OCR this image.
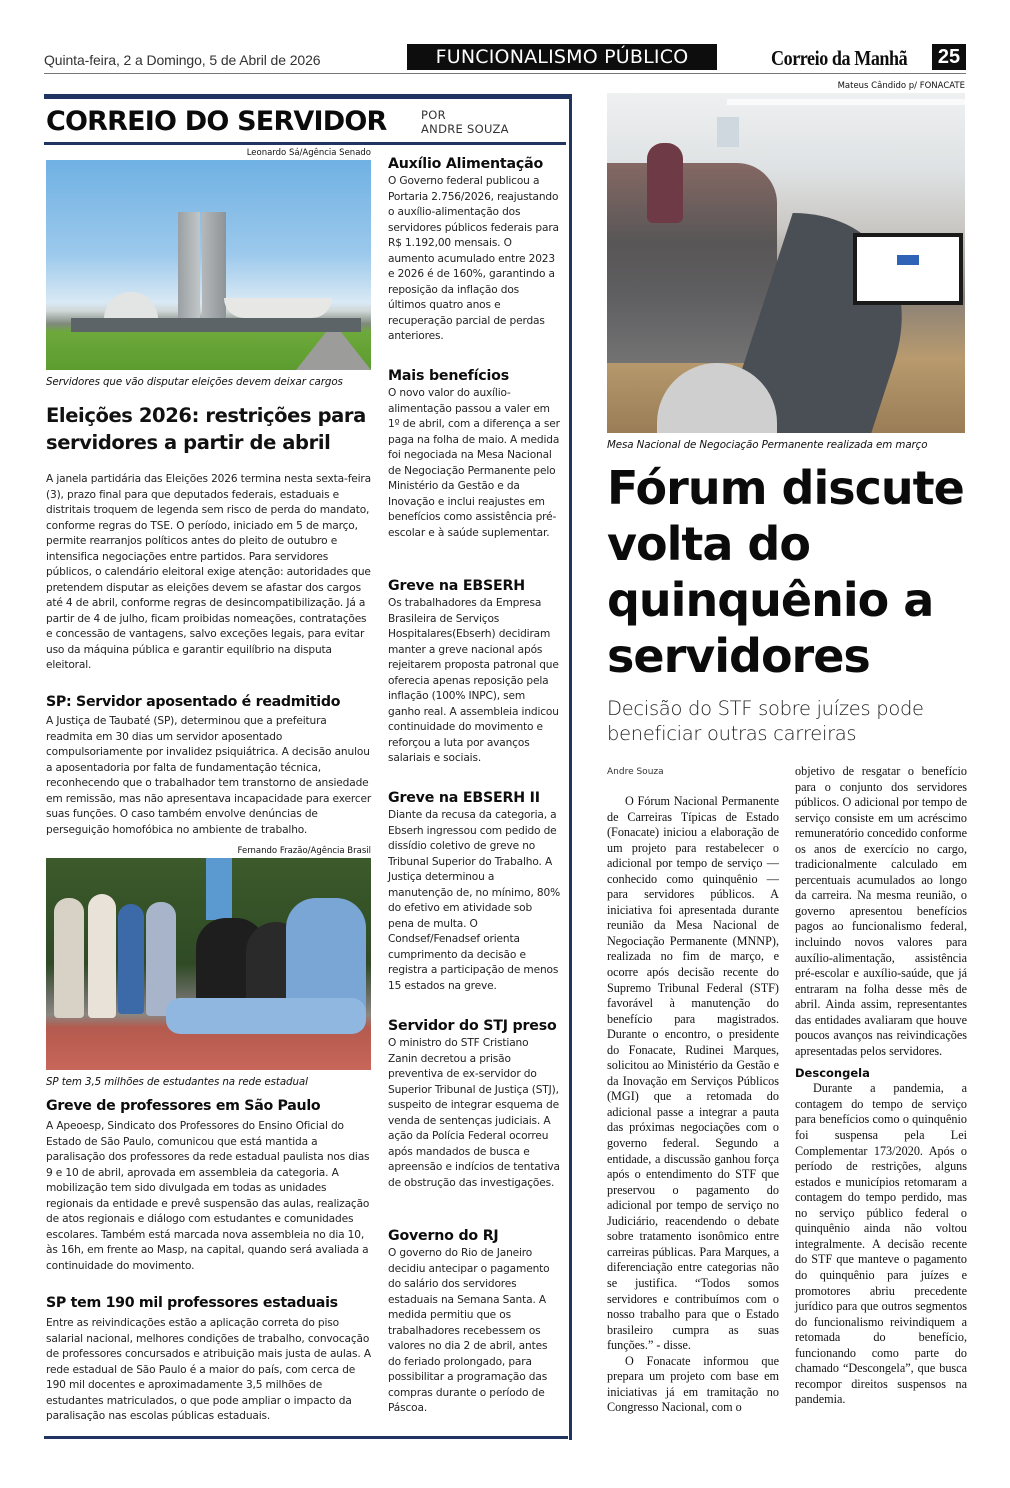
Quinta-feira, 2 a Domingo, 5 de Abril de 2026	FUNCIONALISMO PÚBLICO	Correio da Manhã 25
CORREIO DO SERVIDOR	POR
ANDRE SOUZA
Leonardo Sá/Agência Senado
Servidores que vão disputar eleições devem deixar cargos
Eleições 2026: restrições para servidores a partir de abril

A janela partidária das Eleições 2026 termina nesta sexta-feira (3), prazo final para que deputados federais, estaduais e distritais troquem de legenda sem risco de perda do mandato, conforme regras do TSE. O período, iniciado em 5 de março, permite rearranjos políticos antes do pleito de outubro e intensifica negociações entre partidos. Para servidores públicos, o calendário eleitoral exige atenção: autoridades que pretendem disputar as eleições devem se afastar dos cargos até 4 de abril, conforme regras de desincompatibilização. Já a partir de 4 de julho, ficam proibidas nomeações, contratações e concessão de vantagens, salvo exceções legais, para evitar uso da máquina pública e garantir equilíbrio na disputa eleitoral.

SP: Servidor aposentado é readmitido

A Justiça de Taubaté (SP), determinou que a prefeitura readmita em 30 dias um servidor aposentado compulsoriamente por invalidez psiquiátrica. A decisão anulou a aposentadoria por falta de fundamentação técnica, reconhecendo que o trabalhador tem transtorno de ansiedade em remissão, mas não apresentava incapacidade para exercer suas funções. O caso também envolve denúncias de perseguição homofóbica no ambiente de trabalho.

Fernando Frazão/Agência Brasil
SP tem 3,5 milhões de estudantes na rede estadual
Greve de professores em São Paulo

A Apeoesp, Sindicato dos Professores do Ensino Oficial do Estado de São Paulo, comunicou que está mantida a paralisação dos professores da rede estadual paulista nos dias 9 e 10 de abril, aprovada em assembleia da categoria. A mobilização tem sido divulgada em todas as unidades regionais da entidade e prevê suspensão das aulas, realização de atos regionais e diálogo com estudantes e comunidades escolares. Também está marcada nova assembleia no dia 10, às 16h, em frente ao Masp, na capital, quando será avaliada a continuidade do movimento.

SP tem 190 mil professores estaduais

Entre as reivindicações estão a aplicação correta do piso salarial nacional, melhores condições de trabalho, convocação de professores concursados e atribuição mais justa de aulas. A rede estadual de São Paulo é a maior do país, com cerca de 190 mil docentes e aproximadamente 3,5 milhões de estudantes matriculados, o que pode ampliar o impacto da paralisação nas escolas públicas estaduais.

Auxílio Alimentação

O Governo federal publicou a Portaria 2.756/2026, reajustando o auxílio-alimentação dos servidores públicos federais para R$ 1.192,00 mensais. O aumento acumulado entre 2023 e 2026 é de 160%, garantindo a reposição da inflação dos últimos quatro anos e recuperação parcial de perdas anteriores.

Mais benefícios

O novo valor do auxílio-alimentação passou a valer em 1º de abril, com a diferença a ser paga na folha de maio. A medida foi negociada na Mesa Nacional de Negociação Permanente pelo Ministério da Gestão e da Inovação e inclui reajustes em benefícios como assistência pré-escolar e à saúde suplementar.

Greve na EBSERH

Os trabalhadores da Empresa Brasileira de Serviços Hospitalares(Ebserh) decidiram manter a greve nacional após rejeitarem proposta patronal que oferecia apenas reposição pela inflação (100% INPC), sem ganho real. A assembleia indicou continuidade do movimento e reforçou a luta por avanços salariais e sociais.

Greve na EBSERH II

Diante da recusa da categoria, a Ebserh ingressou com pedido de dissídio coletivo de greve no Tribunal Superior do Trabalho. A Justiça determinou a manutenção de, no mínimo, 80% do efetivo em atividade sob pena de multa. O Condsef/Fenadsef orienta cumprimento da decisão e registra a participação de menos 15 estados na greve.

Servidor do STJ preso

O ministro do STF Cristiano Zanin decretou a prisão preventiva de ex-servidor do Superior Tribunal de Justiça (STJ), suspeito de integrar esquema de venda de sentenças judiciais. A ação da Polícia Federal ocorreu após mandados de busca e apreensão e indícios de tentativa de obstrução das investigações.

Governo do RJ

O governo do Rio de Janeiro decidiu antecipar o pagamento do salário dos servidores estaduais na Semana Santa. A medida permitiu que os trabalhadores recebessem os valores no dia 2 de abril, antes do feriado prolongado, para possibilitar a programação das compras durante o período de Páscoa.

Mateus Cândido p/ FONACATE
Mesa Nacional de Negociação Permanente realizada em março
Fórum discute volta do quinquênio a servidores
Decisão do STF sobre juízes pode beneficiar outras carreiras
Andre Souza

O Fórum Nacional Permanente de Carreiras Típicas de Estado (Fonacate) iniciou a elaboração de um projeto para restabelecer o adicional por tempo de serviço — conhecido como quinquênio — para servidores públicos. A iniciativa foi apresentada durante reunião da Mesa Nacional de Negociação Permanente (MNNP), realizada no fim de março, e ocorre após decisão recente do Supremo Tribunal Federal (STF) favorável à manutenção do benefício para magistrados. Durante o encontro, o presidente do Fonacate, Rudinei Marques, solicitou ao Ministério da Gestão e da Inovação em Serviços Públicos (MGI) que a retomada do adicional passe a integrar a pauta das próximas negociações com o governo federal. Segundo a entidade, a discussão ganhou força após o entendimento do STF que preservou o pagamento do adicional por tempo de serviço no Judiciário, reacendendo o debate sobre tratamento isonômico entre carreiras públicas. Para Marques, a diferenciação entre categorias não se justifica. “Todos somos servidores e contribuímos com o nosso trabalho para que o Estado brasileiro cumpra as suas funções.” - disse.

O Fonacate informou que prepara um projeto com base em iniciativas já em tramitação no Congresso Nacional, com o

objetivo de resgatar o benefício para o conjunto dos servidores públicos. O adicional por tempo de serviço consiste em um acréscimo remuneratório concedido conforme os anos de exercício no cargo, tradicionalmente calculado em percentuais acumulados ao longo da carreira. Na mesma reunião, o governo apresentou benefícios pagos ao funcionalismo federal, incluindo novos valores para auxílio-alimentação, assistência pré-escolar e auxílio-saúde, que já entraram na folha desse mês de abril. Ainda assim, representantes das entidades avaliaram que houve poucos avanços nas reivindicações apresentadas pelos servidores.

Descongela

Durante a pandemia, a contagem do tempo de serviço para benefícios como o quinquênio foi suspensa pela Lei Complementar 173/2020. Após o período de restrições, alguns estados e municípios retomaram a contagem do tempo perdido, mas no serviço público federal o quinquênio ainda não voltou integralmente. A decisão recente do STF que manteve o pagamento do quinquênio para juízes e promotores abriu precedente jurídico para que outros segmentos do funcionalismo reivindiquem a retomada do benefício, funcionando como parte do chamado “Descongela”, que busca recompor direitos suspensos na pandemia.
